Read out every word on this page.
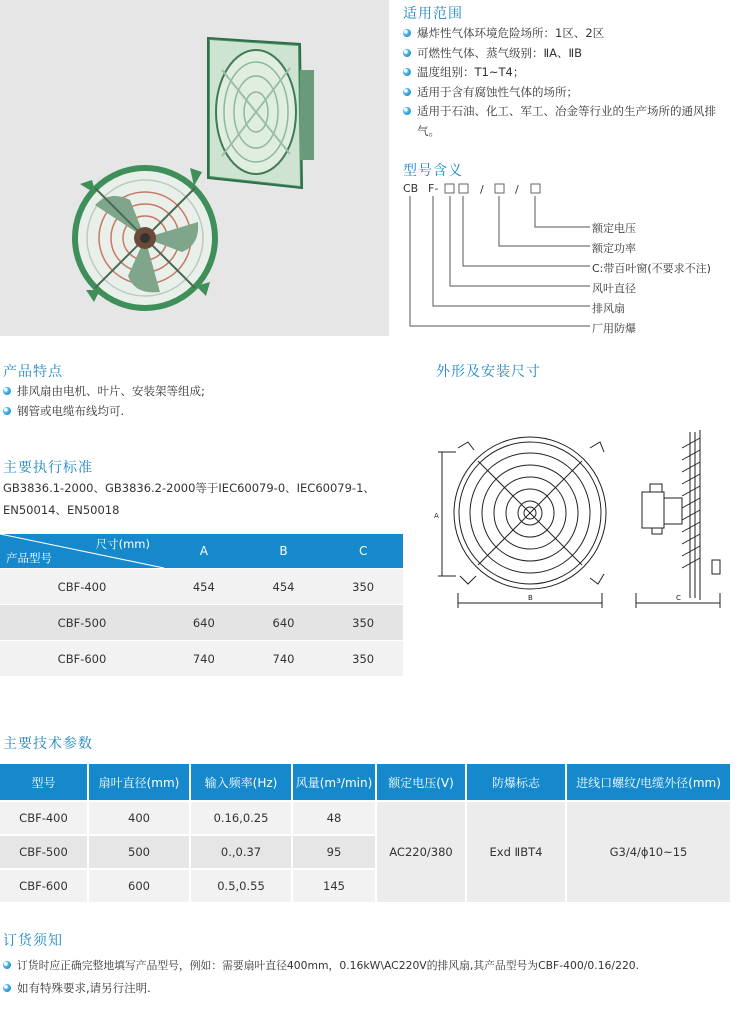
适用范围
爆炸性气体环境危险场所：1区、2区
可燃性气体、蒸气级别：ⅡA、ⅡB
温度组别：T1~T4；
适用于含有腐蚀性气体的场所；
适用于石油、化工、军工、冶金等行业的生产场所的通风排气。
型号含义
CB F-	/	/
额定电压
额定功率
C:带百叶窗(不要求不注)
风叶直径
排风扇
厂用防爆
产品特点
排风扇由电机、叶片、安装架等组成;
钢管或电缆布线均可.
主要执行标准
GB3836.1-2000、GB3836.2-2000等于IEC60079-0、IEC60079-1、EN50014、EN50018
尺寸(mm)
产品型号	A	B	C
CBF-400	454	454	350
CBF-500	640	640	350
CBF-600	740	740	350
外形及安装尺寸
A
B	C
主要技术参数
型号	扇叶直径(mm)	输入频率(Hz)	风量(m³/min)	额定电压(V)	防爆标志	进线口螺纹/电缆外径(mm)
CBF-400	400	0.16,0.25	48	AC220/380	Exd ⅡBT4	G3/4/ϕ10~15
CBF-500	500	0.,0.37	95			
CBF-600	600	0.5,0.55	145			
订货须知
订货时应正确完整地填写产品型号，例如：需要扇叶直径400mm，0.16kW\AC220V的排风扇,其产品型号为CBF-400/0.16/220.
如有特殊要求,请另行注明.
